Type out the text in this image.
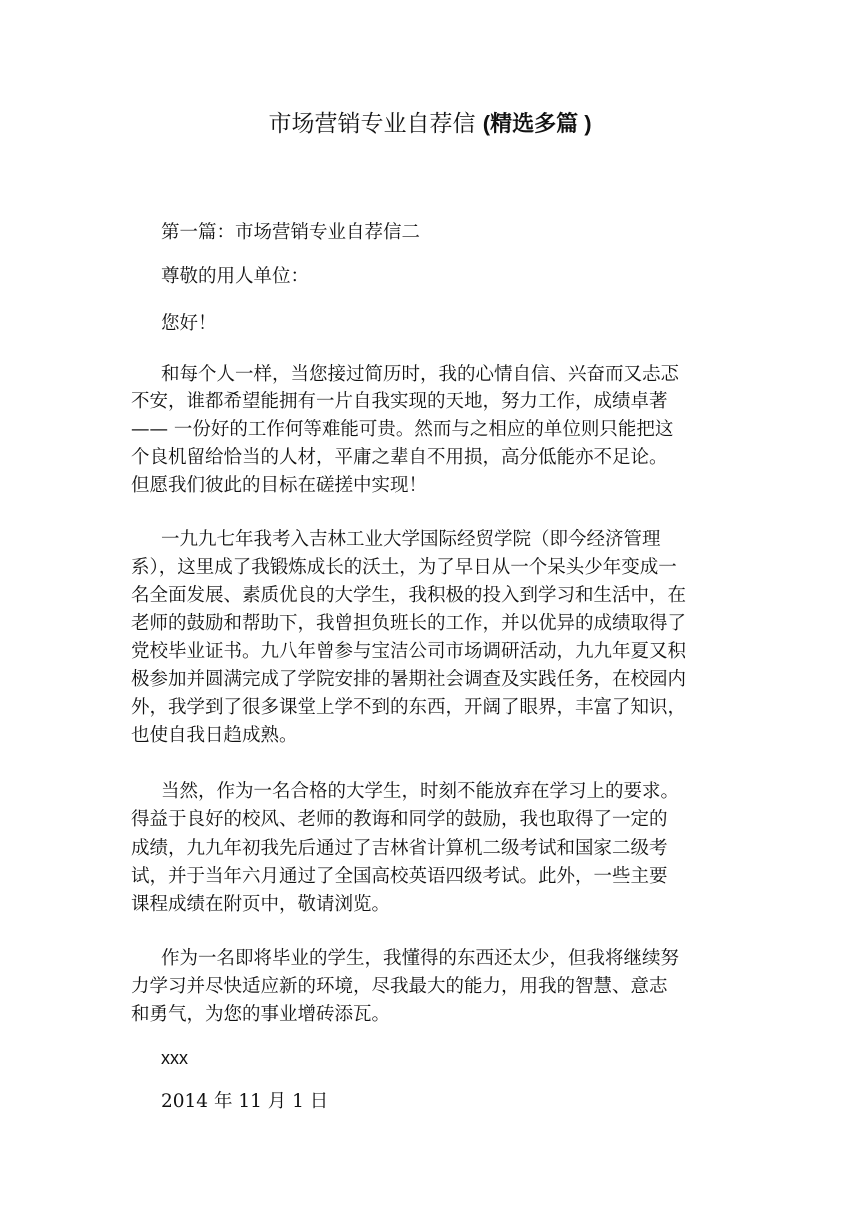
市场营销专业自荐信 (精选多篇 )
第一篇：市场营销专业自荐信二
尊敬的用人单位：
您好！
和每个人一样，当您接过简历时，我的心情自信、兴奋而又忐忑
不安，谁都希望能拥有一片自我实现的天地，努力工作，成绩卓著
—— 一份好的工作何等难能可贵。然而与之相应的单位则只能把这
个良机留给恰当的人材，平庸之辈自不用损，高分低能亦不足论。
但愿我们彼此的目标在磋搓中实现！
一九九七年我考入吉林工业大学国际经贸学院（即今经济管理
系），这里成了我锻炼成长的沃土，为了早日从一个呆头少年变成一
名全面发展、素质优良的大学生，我积极的投入到学习和生活中，在
老师的鼓励和帮助下，我曾担负班长的工作，并以优异的成绩取得了
党校毕业证书。九八年曾参与宝洁公司市场调研活动，九九年夏又积
极参加并圆满完成了学院安排的暑期社会调查及实践任务，在校园内
外，我学到了很多课堂上学不到的东西，开阔了眼界，丰富了知识，
也使自我日趋成熟。
当然，作为一名合格的大学生，时刻不能放弃在学习上的要求。
得益于良好的校风、老师的教诲和同学的鼓励，我也取得了一定的
成绩，九九年初我先后通过了吉林省计算机二级考试和国家二级考
试，并于当年六月通过了全国高校英语四级考试。此外，一些主要
课程成绩在附页中，敬请浏览。
作为一名即将毕业的学生，我懂得的东西还太少，但我将继续努
力学习并尽快适应新的环境，尽我最大的能力，用我的智慧、意志
和勇气，为您的事业增砖添瓦。
xxx
2014 年 11 月 1 日
